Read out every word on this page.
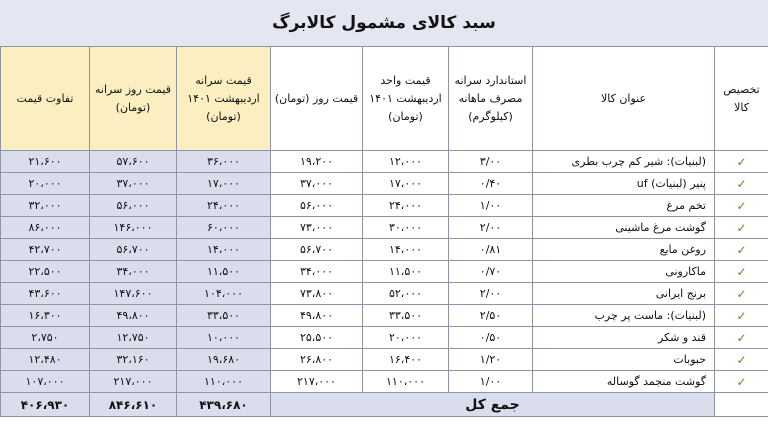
سبد کالای مشمول کالابرگ
تخصیص کالا	عنوان کالا	استاندارد سرانه مصرف ماهانه (کیلوگرم)	قیمت واحد اردیبهشت ۱۴۰۱ (تومان)	قیمت روز (تومان)	قیمت سرانه اردیبهشت ۱۴۰۱ (تومان)	قیمت روز سرانه (تومان)	تفاوت قیمت
✓	(لبنیات): شیر کم چرب بطری	۳/۰۰	۱۲،۰۰۰	۱۹،۲۰۰	۳۶،۰۰۰	۵۷،۶۰۰	۲۱،۶۰۰
✓	پنیر (لبنیات) uf	۰/۴۰	۱۷،۰۰۰	۳۷،۰۰۰	۱۷،۰۰۰	۳۷،۰۰۰	۲۰،۰۰۰
✓	تخم مرغ	۱/۰۰	۲۴،۰۰۰	۵۶،۰۰۰	۲۴،۰۰۰	۵۶،۰۰۰	۳۲،۰۰۰
✓	گوشت مرغ ماشینی	۲/۰۰	۳۰،۰۰۰	۷۳،۰۰۰	۶۰،۰۰۰	۱۴۶،۰۰۰	۸۶،۰۰۰
✓	روغن مایع	۰/۸۱	۱۴،۰۰۰	۵۶،۷۰۰	۱۴،۰۰۰	۵۶،۷۰۰	۴۲،۷۰۰
✓	ماکارونی	۰/۷۰	۱۱،۵۰۰	۳۴،۰۰۰	۱۱،۵۰۰	۳۴،۰۰۰	۲۲،۵۰۰
✓	برنج ایرانی	۲/۰۰	۵۲،۰۰۰	۷۳،۸۰۰	۱۰۴،۰۰۰	۱۴۷،۶۰۰	۴۳،۶۰۰
✓	(لبنیات): ماست پر چرب	۲/۵۰	۳۳،۵۰۰	۴۹،۸۰۰	۳۳،۵۰۰	۴۹،۸۰۰	۱۶،۳۰۰
✓	قند و شکر	۰/۵۰	۲۰،۰۰۰	۲۵،۵۰۰	۱۰،۰۰۰	۱۲،۷۵۰	۲،۷۵۰
✓	حبوبات	۱/۲۰	۱۶،۴۰۰	۲۶،۸۰۰	۱۹،۶۸۰	۳۲،۱۶۰	۱۲،۴۸۰
✓	گوشت منجمد گوساله	۱/۰۰	۱۱۰،۰۰۰	۲۱۷،۰۰۰	۱۱۰،۰۰۰	۲۱۷،۰۰۰	۱۰۷،۰۰۰
	جمع کل				۴۳۹،۶۸۰	۸۴۶،۶۱۰	۴۰۶،۹۳۰
